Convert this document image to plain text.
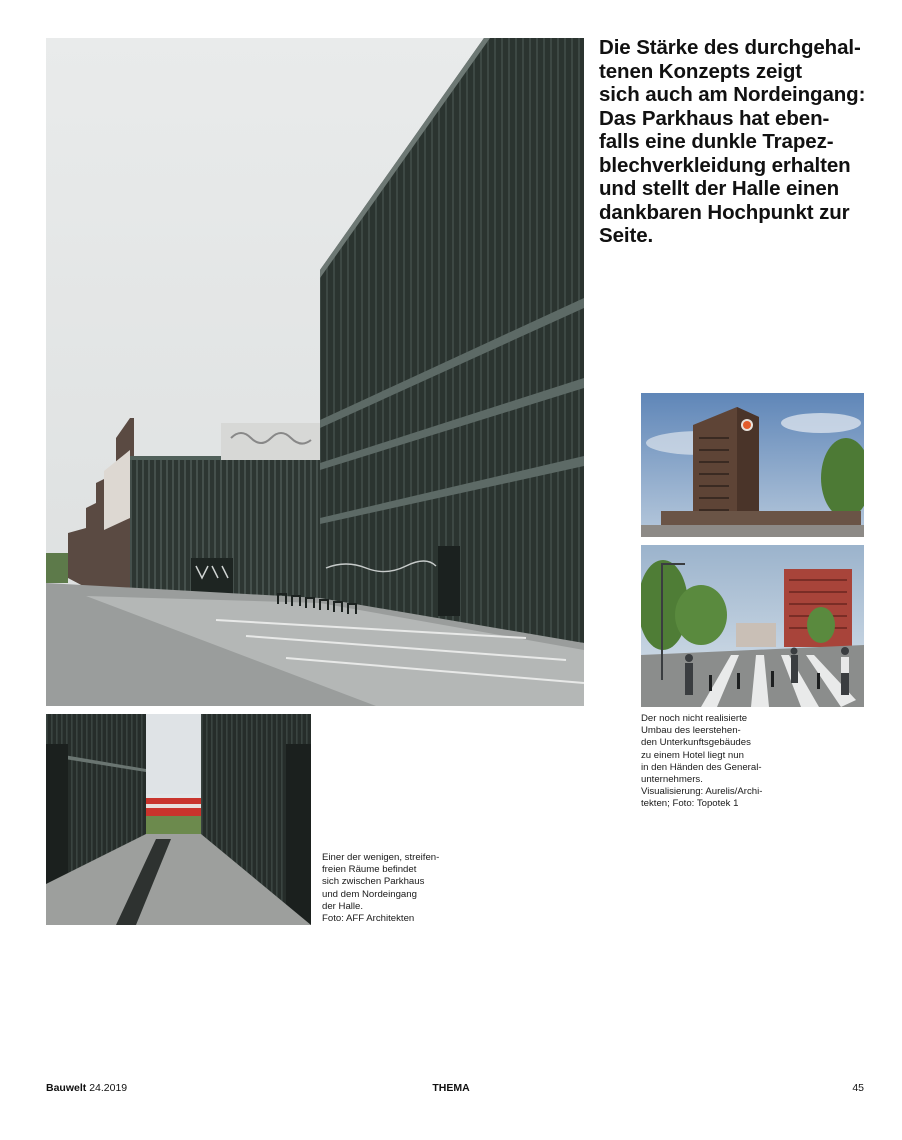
Die Stärke des durchgehal-
tenen Konzepts zeigt
sich auch am Nordeingang:
Das Parkhaus hat eben-
falls eine dunkle Trapez-
blechverkleidung erhalten
und stellt der Halle einen
dankbaren Hochpunkt zur
Seite.
Der noch nicht realisierte
Umbau des leerstehen-
den Unterkunftsgebäudes
zu einem Hotel liegt nun
in den Händen des General-
unternehmers.
Visualisierung: Aurelis/Archi-
tekten; Foto: Topotek 1
Einer der wenigen, streifen-
freien Räume befindet
sich zwischen Parkhaus
und dem Nordeingang
der Halle.
Foto: AFF Architekten
Bauwelt 24.2019	THEMA	45
